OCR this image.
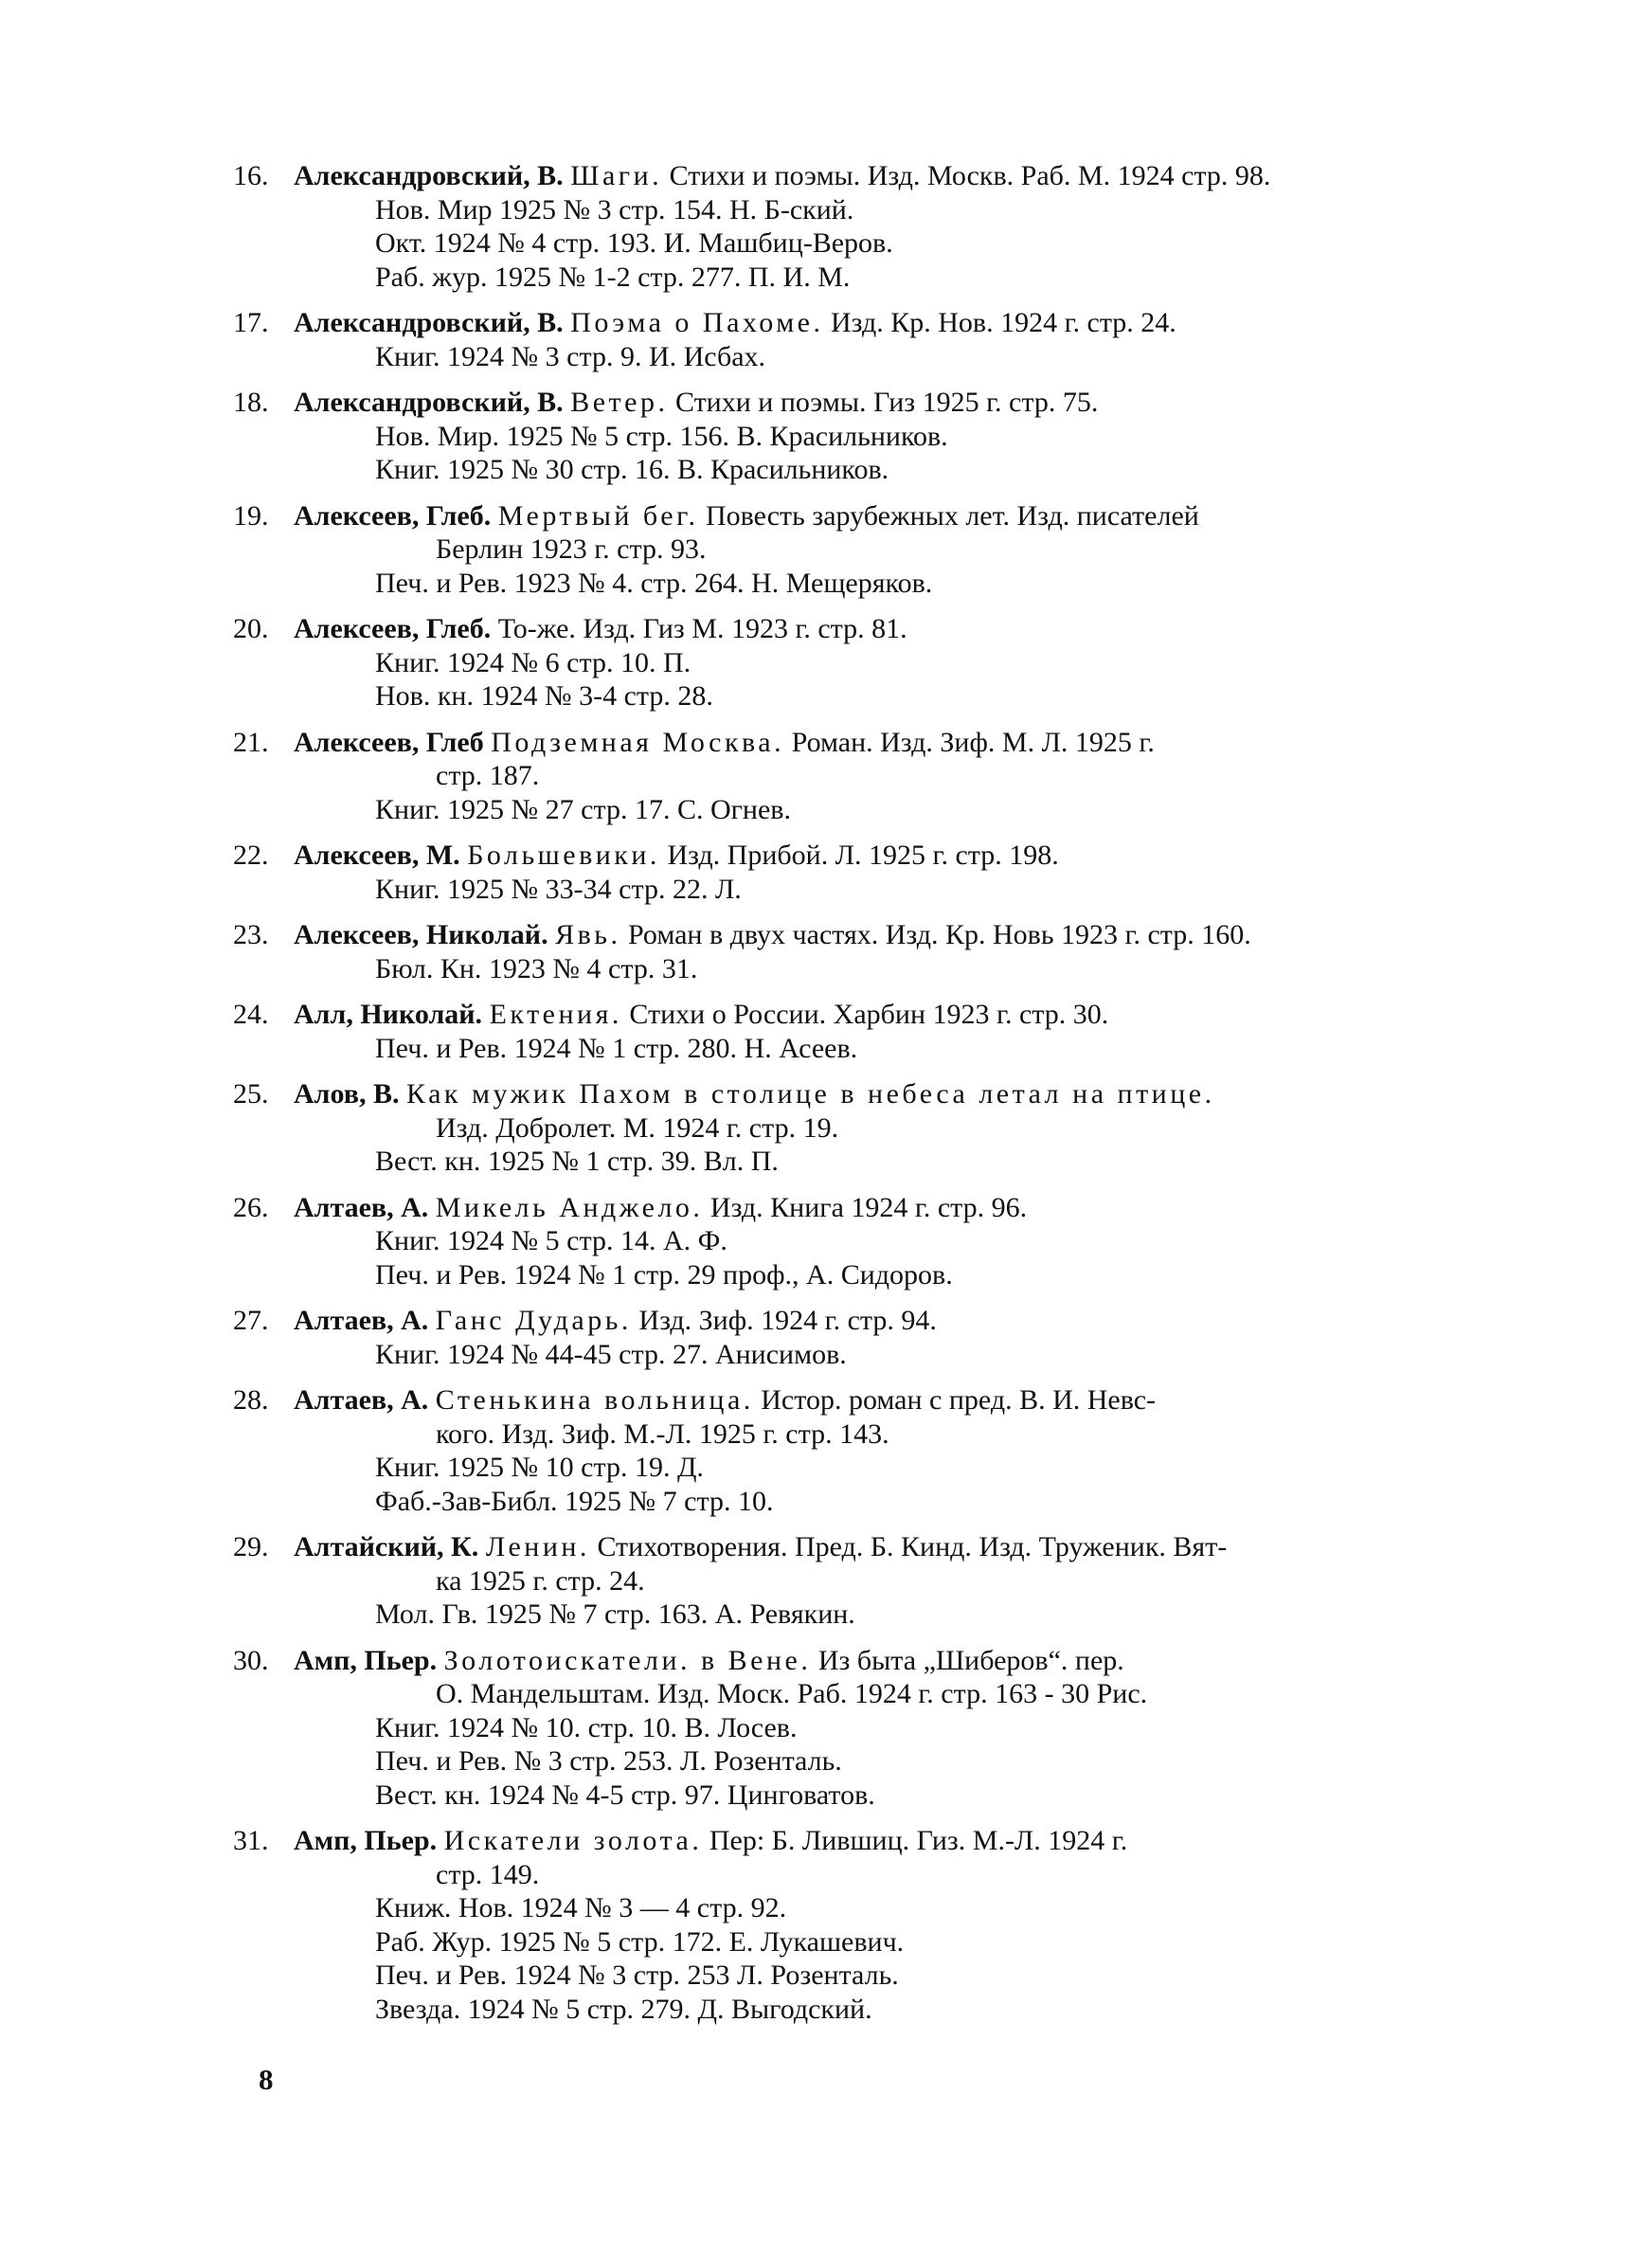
16. Александровский, В. Шаги. Стихи и поэмы. Изд. Москв. Раб. М. 1924 стр. 98.
Нов. Мир 1925 № 3 стр. 154. Н. Б-ский.
Окт. 1924 № 4 стр. 193. И. Машбиц-Веров.
Раб. жур. 1925 № 1-2 стр. 277. П. И. М.
17. Александровский, В. Поэма о Пахоме. Изд. Кр. Нов. 1924 г. стр. 24.
Книг. 1924 № 3 стр. 9. И. Исбах.
18. Александровский, В. Ветер. Стихи и поэмы. Гиз 1925 г. стр. 75.
Нов. Мир. 1925 № 5 стр. 156. В. Красильников.
Книг. 1925 № 30 стр. 16. В. Красильников.
19. Алексеев, Глеб. Мертвый бег. Повесть зарубежных лет. Изд. писателей
Берлин 1923 г. стр. 93.
Печ. и Рев. 1923 № 4. стр. 264. Н. Мещеряков.
20. Алексеев, Глеб. То-же. Изд. Гиз М. 1923 г. стр. 81.
Книг. 1924 № 6 стр. 10. П.
Нов. кн. 1924 № 3-4 стр. 28.
21. Алексеев, Глеб Подземная Москва. Роман. Изд. Зиф. М. Л. 1925 г.
стр. 187.
Книг. 1925 № 27 стр. 17. С. Огнев.
22. Алексеев, М. Большевики. Изд. Прибой. Л. 1925 г. стр. 198.
Книг. 1925 № 33-34 стр. 22. Л.
23. Алексеев, Николай. Явь. Роман в двух частях. Изд. Кр. Новь 1923 г. стр. 160.
Бюл. Кн. 1923 № 4 стр. 31.
24. Алл, Николай. Ектения. Стихи о России. Харбин 1923 г. стр. 30.
Печ. и Рев. 1924 № 1 стр. 280. Н. Асеев.
25. Алов, В. Как мужик Пахом в столице в небеса летал на птице.
Изд. Добролет. М. 1924 г. стр. 19.
Вест. кн. 1925 № 1 стр. 39. Вл. П.
26. Алтаев, А. Микель Анджело. Изд. Книга 1924 г. стр. 96.
Книг. 1924 № 5 стр. 14. А. Ф.
Печ. и Рев. 1924 № 1 стр. 29 проф., А. Сидоров.
27. Алтаев, А. Ганс Дударь. Изд. Зиф. 1924 г. стр. 94.
Книг. 1924 № 44-45 стр. 27. Анисимов.
28. Алтаев, А. Стенькина вольница. Истор. роман с пред. В. И. Невс-
кого. Изд. Зиф. М.-Л. 1925 г. стр. 143.
Книг. 1925 № 10 стр. 19. Д.
Фаб.-Зав-Библ. 1925 № 7 стр. 10.
29. Алтайский, К. Ленин. Стихотворения. Пред. Б. Кинд. Изд. Труженик. Вят-
ка 1925 г. стр. 24.
Мол. Гв. 1925 № 7 стр. 163. А. Ревякин.
30. Амп, Пьер. Золотоискатели. в Вене. Из быта „Шиберов“. пер.
О. Мандельштам. Изд. Моск. Раб. 1924 г. стр. 163 - 30 Рис.
Книг. 1924 № 10. стр. 10. В. Лосев.
Печ. и Рев. № 3 стр. 253. Л. Розенталь.
Вест. кн. 1924 № 4-5 стр. 97. Цинговатов.
31. Амп, Пьер. Искатели золота. Пер: Б. Лившиц. Гиз. М.-Л. 1924 г.
стр. 149.
Книж. Нов. 1924 № 3 — 4 стр. 92.
Раб. Жур. 1925 № 5 стр. 172. Е. Лукашевич.
Печ. и Рев. 1924 № 3 стр. 253 Л. Розенталь.
Звезда. 1924 № 5 стр. 279. Д. Выгодский.
8
